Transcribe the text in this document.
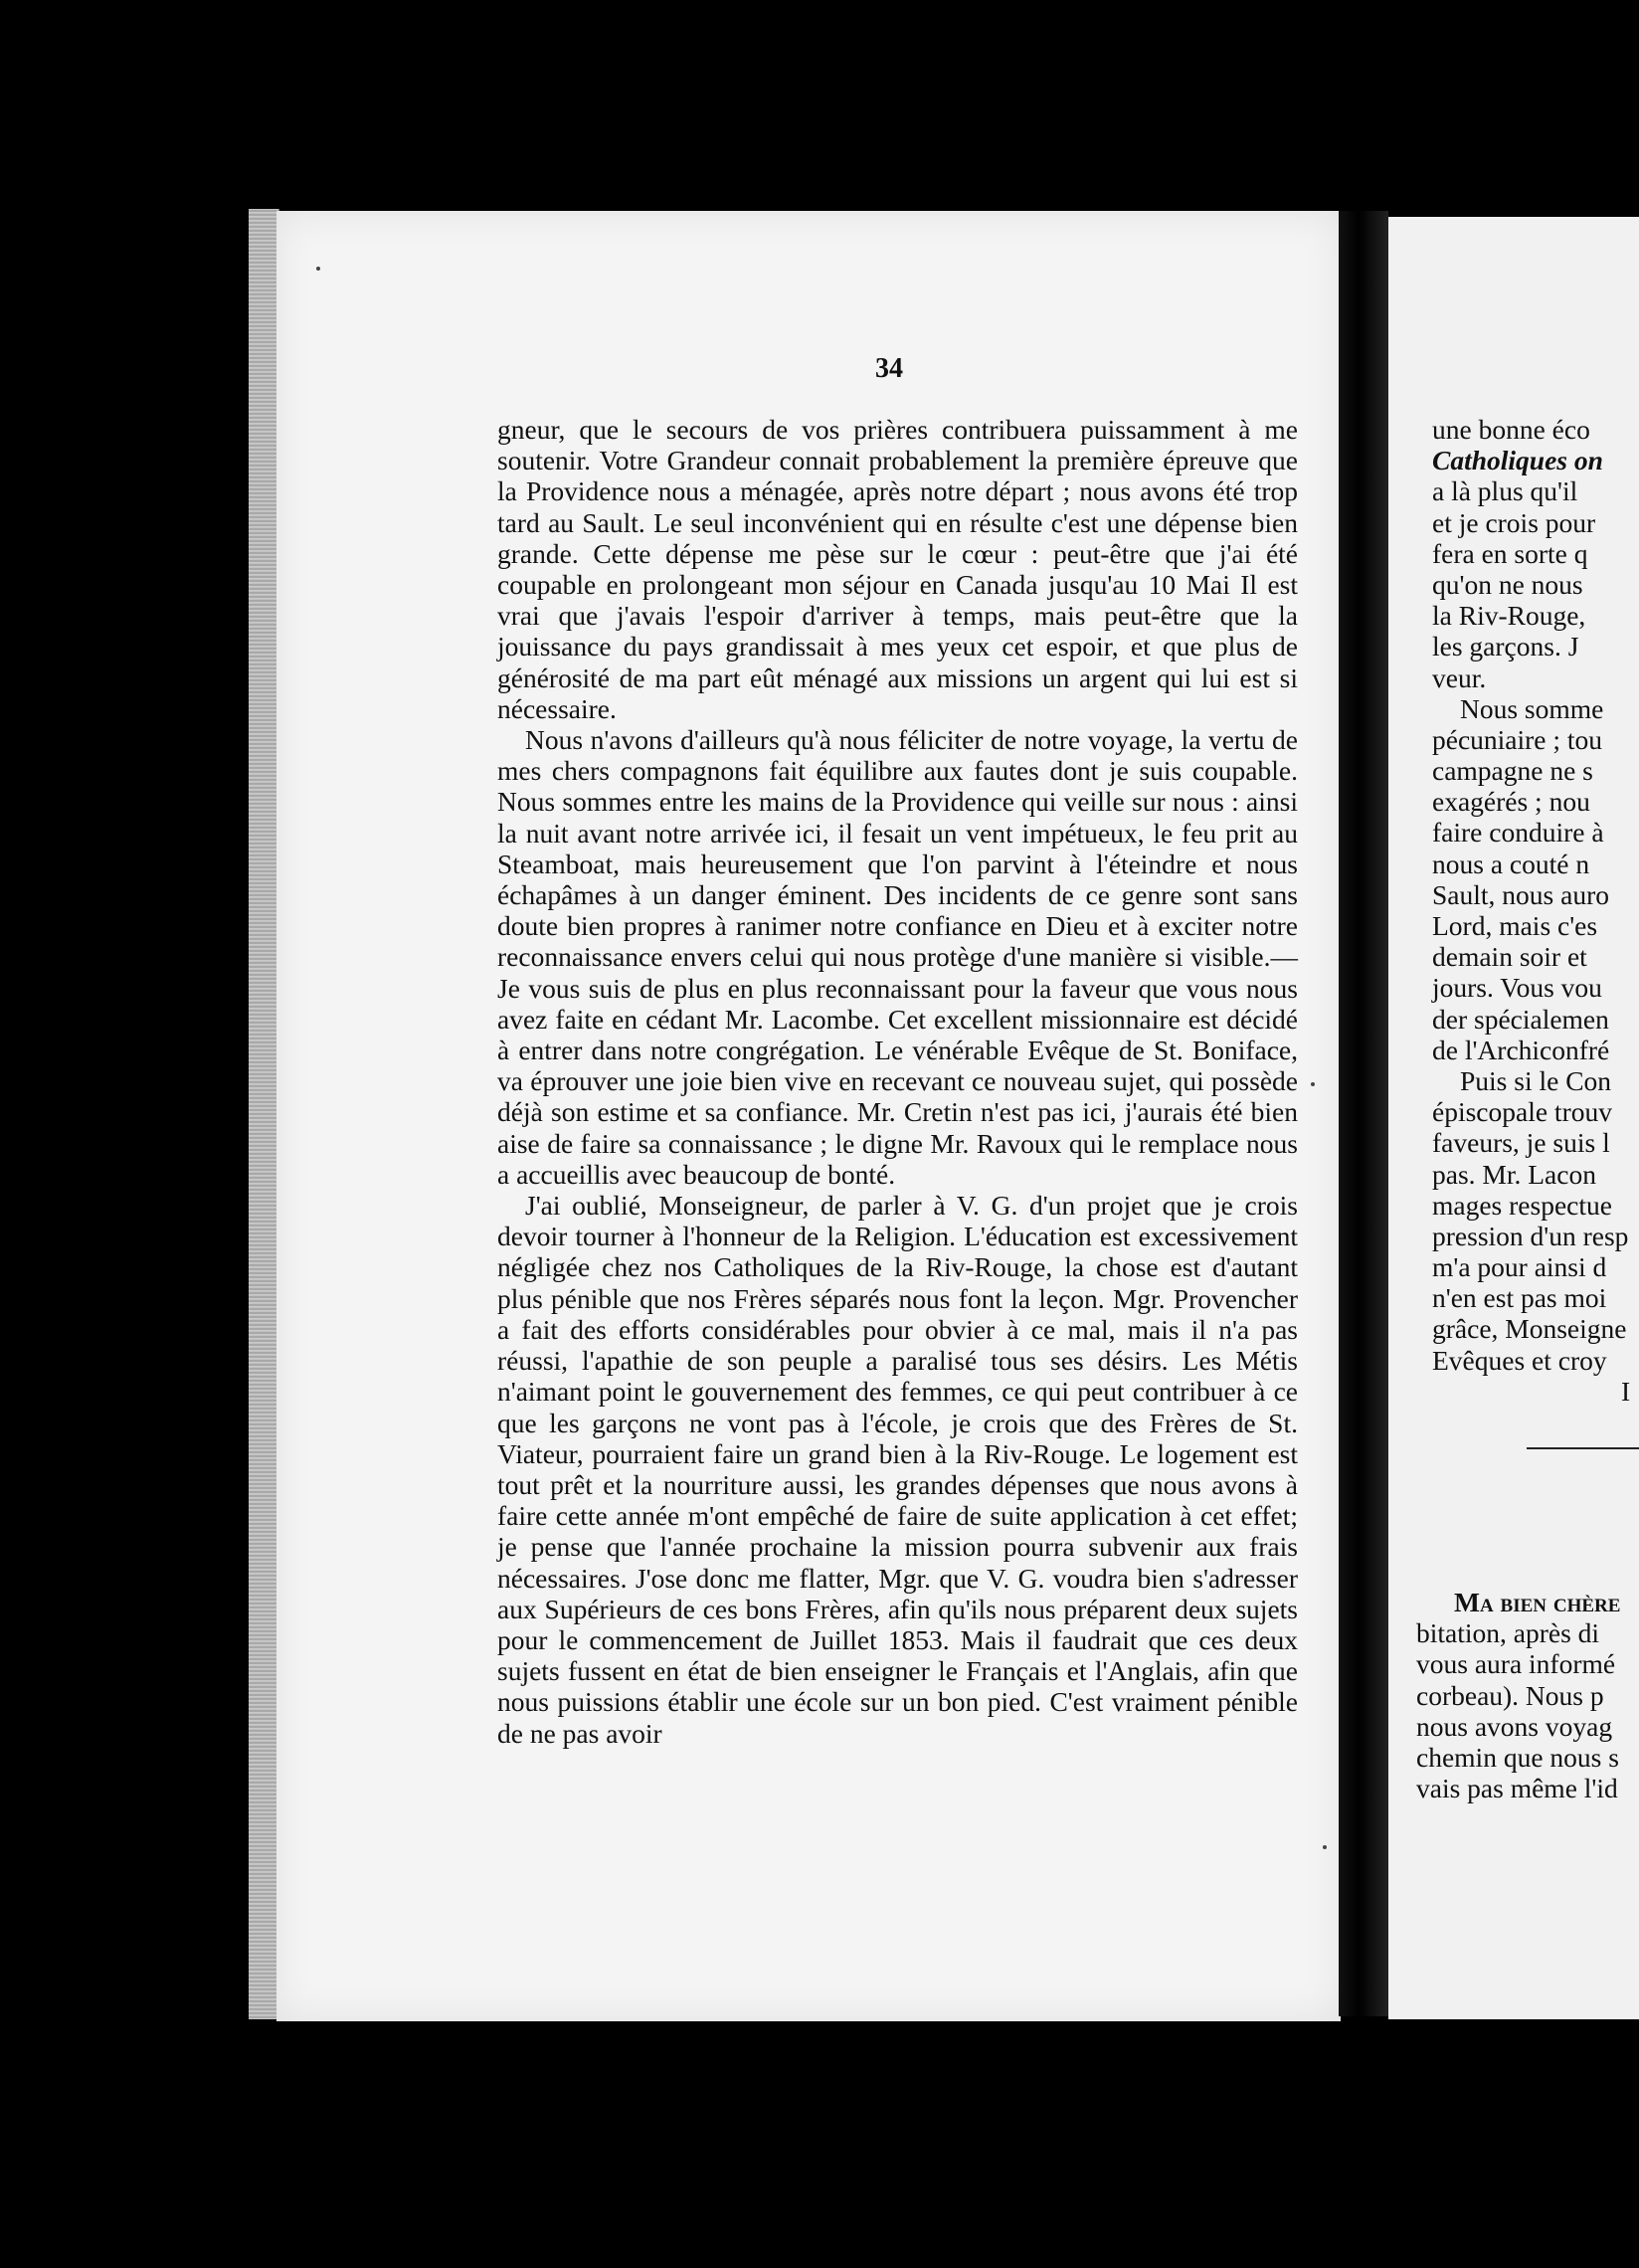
34

gneur, que le secours de vos prières contribuera puissamment à me soutenir. Votre Grandeur connait probablement la première épreuve que la Providence nous a ménagée, après notre départ ; nous avons été trop tard au Sault. Le seul inconvénient qui en résulte c'est une dépense bien grande. Cette dépense me pèse sur le cœur : peut-être que j'ai été coupable en prolongeant mon séjour en Canada jusqu'au 10 Mai Il est vrai que j'avais l'espoir d'arriver à temps, mais peut-être que la jouissance du pays grandissait à mes yeux cet espoir, et que plus de générosité de ma part eût ménagé aux missions un argent qui lui est si nécessaire.

Nous n'avons d'ailleurs qu'à nous féliciter de notre voyage, la vertu de mes chers compagnons fait équilibre aux fautes dont je suis coupable. Nous sommes entre les mains de la Providence qui veille sur nous : ainsi la nuit avant notre arrivée ici, il fesait un vent impétueux, le feu prit au Steamboat, mais heureusement que l'on parvint à l'éteindre et nous échapâmes à un danger éminent. Des incidents de ce genre sont sans doute bien propres à ranimer notre confiance en Dieu et à exciter notre reconnaissance envers celui qui nous protège d'une manière si visible.—Je vous suis de plus en plus reconnaissant pour la faveur que vous nous avez faite en cédant Mr. Lacombe. Cet excellent missionnaire est décidé à entrer dans notre congrégation. Le vénérable Evêque de St. Boniface, va éprouver une joie bien vive en recevant ce nouveau sujet, qui possède déjà son estime et sa confiance. Mr. Cretin n'est pas ici, j'aurais été bien aise de faire sa connaissance ; le digne Mr. Ravoux qui le remplace nous a accueillis avec beaucoup de bonté.

J'ai oublié, Monseigneur, de parler à V. G. d'un projet que je crois devoir tourner à l'honneur de la Religion. L'éducation est excessivement négligée chez nos Catholiques de la Riv-Rouge, la chose est d'autant plus pénible que nos Frères séparés nous font la leçon. Mgr. Provencher a fait des efforts considérables pour obvier à ce mal, mais il n'a pas réussi, l'apathie de son peuple a paralisé tous ses désirs. Les Métis n'aimant point le gouvernement des femmes, ce qui peut contribuer à ce que les garçons ne vont pas à l'école, je crois que des Frères de St. Viateur, pourraient faire un grand bien à la Riv-Rouge. Le logement est tout prêt et la nourriture aussi, les grandes dépenses que nous avons à faire cette année m'ont empêché de faire de suite application à cet effet; je pense que l'année prochaine la mission pourra subvenir aux frais nécessaires. J'ose donc me flatter, Mgr. que V. G. voudra bien s'adresser aux Supérieurs de ces bons Frères, afin qu'ils nous préparent deux sujets pour le commencement de Juillet 1853. Mais il faudrait que ces deux sujets fussent en état de bien enseigner le Français et l'Anglais, afin que nous puissions établir une école sur un bon pied. C'est vraiment pénible de ne pas avoir

une bonne éco
Catholiques on
a là plus qu'il
et je crois pour
fera en sorte q
qu'on ne nous
la Riv-Rouge,
les garçons. J
veur.
Nous somme
pécuniaire ; tou
campagne ne s
exagérés ; nou
faire conduire à
nous a couté n
Sault, nous auro
Lord, mais c'es
demain soir et
jours. Vous vou
der spécialemen
de l'Archiconfré
Puis si le Con
épiscopale trouv
faveurs, je suis l
pas. Mr. Lacon
mages respectue
pression d'un resp
m'a pour ainsi d
n'en est pas moi
grâce, Monseigne
Evêques et croy
I
Ma bien chère
bitation, après di
vous aura informé
corbeau). Nous p
nous avons voyag
chemin que nous s
vais pas même l'id
